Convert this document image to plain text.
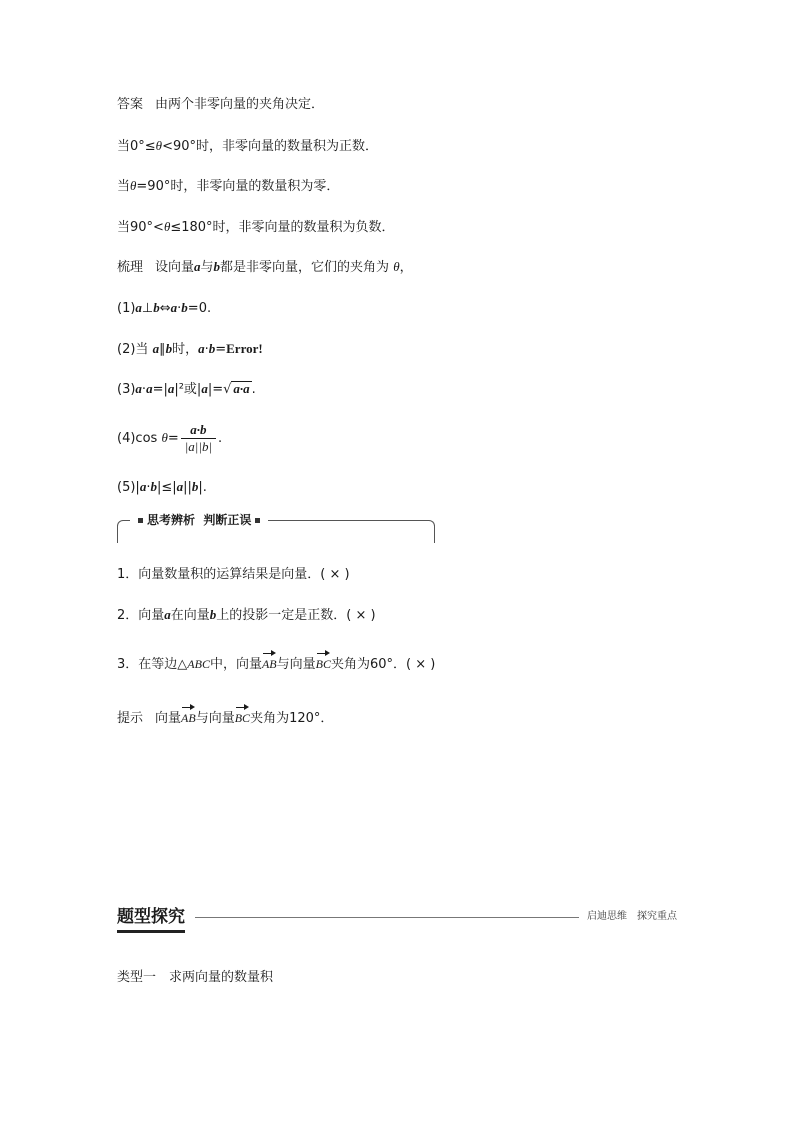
答案 由两个非零向量的夹角决定．
当0°≤θ<90°时，非零向量的数量积为正数．
当θ=90°时，非零向量的数量积为零．
当90°<θ≤180°时，非零向量的数量积为负数．
梳理 设向量a与b都是非零向量，它们的夹角为 θ，
(1)a⊥b⇔a·b=0.
(2)当 a∥b时，a·b=Error!
(3)a·a=|a|²或|a|=√ a·a .
(4)cos $\theta= \frac{a\cdot b}{|a||b|}$ .
(5)|a·b|≤|a||b|.
思考辨析 判断正误
1．向量数量积的运算结果是向量．( × )
2．向量a在向量b上的投影一定是正数．( × )
3．在等边△ABC中，向量AB与向量BC夹角为60°．( × )
提示 向量AB与向量BC夹角为120°．
题型探究	启迪思维　探究重点
类型一　求两向量的数量积
